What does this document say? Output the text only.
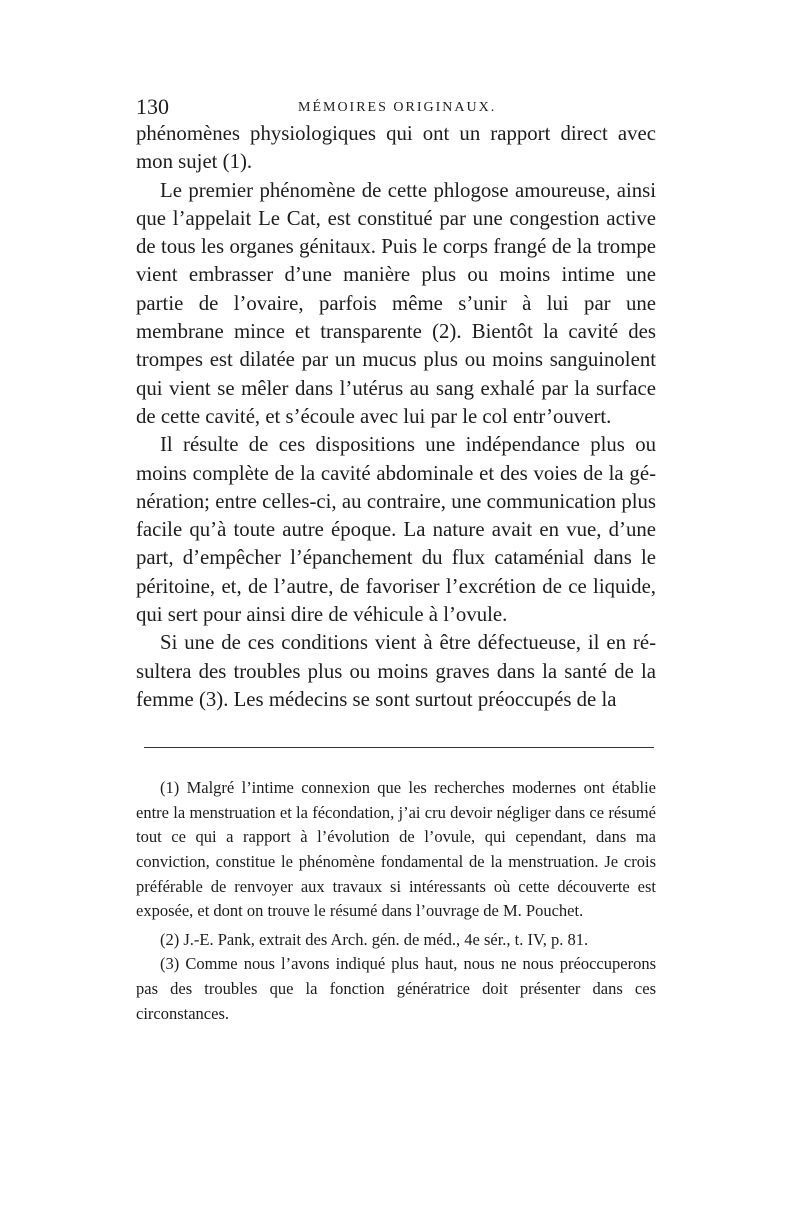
130	MÉMOIRES ORIGINAUX.

phénomènes physiologiques qui ont un rapport direct avec mon sujet (1).

Le premier phénomène de cette phlogose amoureuse, ainsi que l’appelait Le Cat, est constitué par une congestion active de tous les organes génitaux. Puis le corps frangé de la trompe vient embrasser d’une manière plus ou moins intime une partie de l’ovaire, parfois même s’unir à lui par une membrane mince et transparente (2). Bientôt la cavité des trompes est dilatée par un mucus plus ou moins sanguinolent qui vient se mêler dans l’utérus au sang exhalé par la surface de cette cavité, et s’écoule avec lui par le col entr’ouvert.

Il résulte de ces dispositions une indépendance plus ou moins complète de la cavité abdominale et des voies de la génération; entre celles-ci, au contraire, une communication plus facile qu’à toute autre époque. La nature avait en vue, d’une part, d’empêcher l’épanchement du flux cataménial dans le péritoine, et, de l’autre, de favoriser l’excrétion de ce liquide, qui sert pour ainsi dire de véhicule à l’ovule.

Si une de ces conditions vient à être défectueuse, il en résultera des troubles plus ou moins graves dans la santé de la femme (3). Les médecins se sont surtout préoccupés de la

(1) Malgré l’intime connexion que les recherches modernes ont établie entre la menstruation et la fécondation, j’ai cru devoir négliger dans ce résumé tout ce qui a rapport à l’évolution de l’ovule, qui cependant, dans ma conviction, constitue le phénomène fondamental de la menstruation. Je crois préférable de renvoyer aux travaux si intéressants où cette découverte est exposée, et dont on trouve le résumé dans l’ouvrage de M. Pouchet.

(2) J.-E. Pank, extrait des Arch. gén. de méd., 4e sér., t. IV, p. 81.

(3) Comme nous l’avons indiqué plus haut, nous ne nous préoccuperons pas des troubles que la fonction génératrice doit présenter dans ces circonstances.
